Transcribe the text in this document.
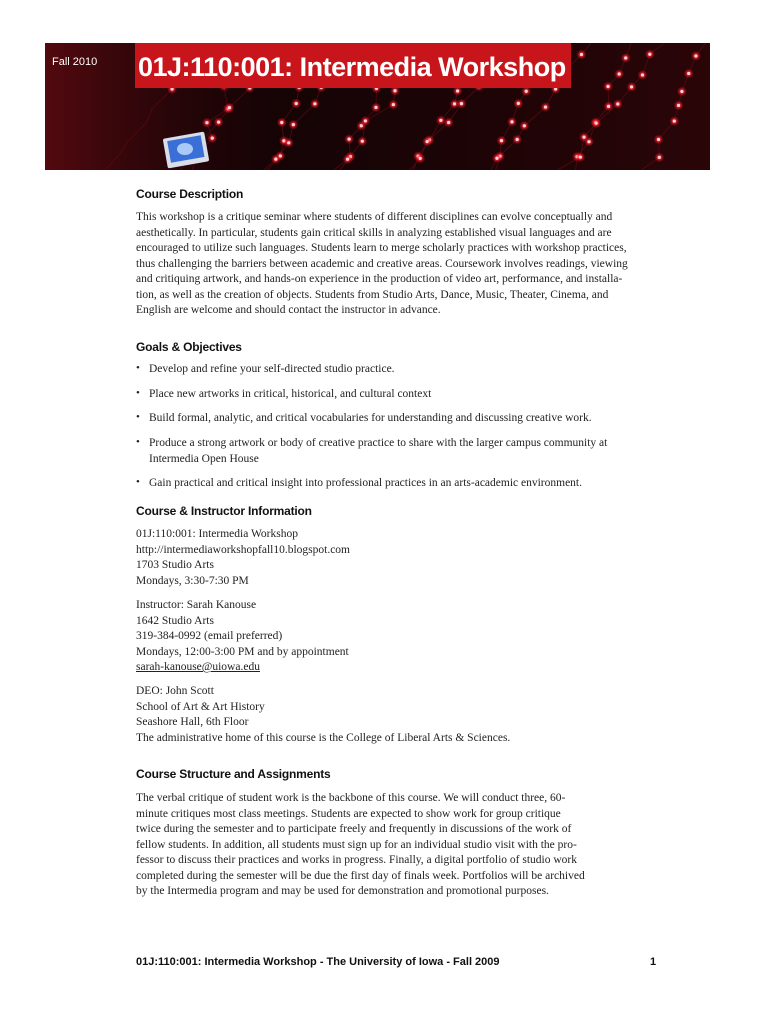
Fall 2010 01J:110:001: Intermedia Workshop
Course Description
This workshop is a critique seminar where students of different disciplines can evolve conceptually and
aesthetically. In particular, students gain critical skills in analyzing established visual languages and are
encouraged to utilize such languages. Students learn to merge scholarly practices with workshop practices,
thus challenging the barriers between academic and creative areas. Coursework involves readings, viewing
and critiquing artwork, and hands-on experience in the production of video art, performance, and installa-
tion, as well as the creation of objects. Students from Studio Arts, Dance, Music, Theater, Cinema, and
English are welcome and should contact the instructor in advance.
Goals & Objectives
• Develop and refine your self-directed studio practice.
• Place new artworks in critical, historical, and cultural context
• Build formal, analytic, and critical vocabularies for understanding and discussing creative work.
• Produce a strong artwork or body of creative practice to share with the larger campus community at
Intermedia Open House
• Gain practical and critical insight into professional practices in an arts-academic environment.
Course & Instructor Information
01J:110:001: Intermedia Workshop
http://intermediaworkshopfall10.blogspot.com
1703 Studio Arts
Mondays, 3:30-7:30 PM
Instructor: Sarah Kanouse
1642 Studio Arts
319-384-0992 (email preferred)
Mondays, 12:00-3:00 PM and by appointment
sarah-kanouse@uiowa.edu
DEO: John Scott
School of Art & Art History
Seashore Hall, 6th Floor
The administrative home of this course is the College of Liberal Arts & Sciences.
Course Structure and Assignments
The verbal critique of student work is the backbone of this course. We will conduct three, 60-
minute critiques most class meetings. Students are expected to show work for group critique
twice during the semester and to participate freely and frequently in discussions of the work of
fellow students. In addition, all students must sign up for an individual studio visit with the pro-
fessor to discuss their practices and works in progress. Finally, a digital portfolio of studio work
completed during the semester will be due the first day of finals week. Portfolios will be archived
by the Intermedia program and may be used for demonstration and promotional purposes.
01J:110:001: Intermedia Workshop - The University of Iowa - Fall 2009	1
